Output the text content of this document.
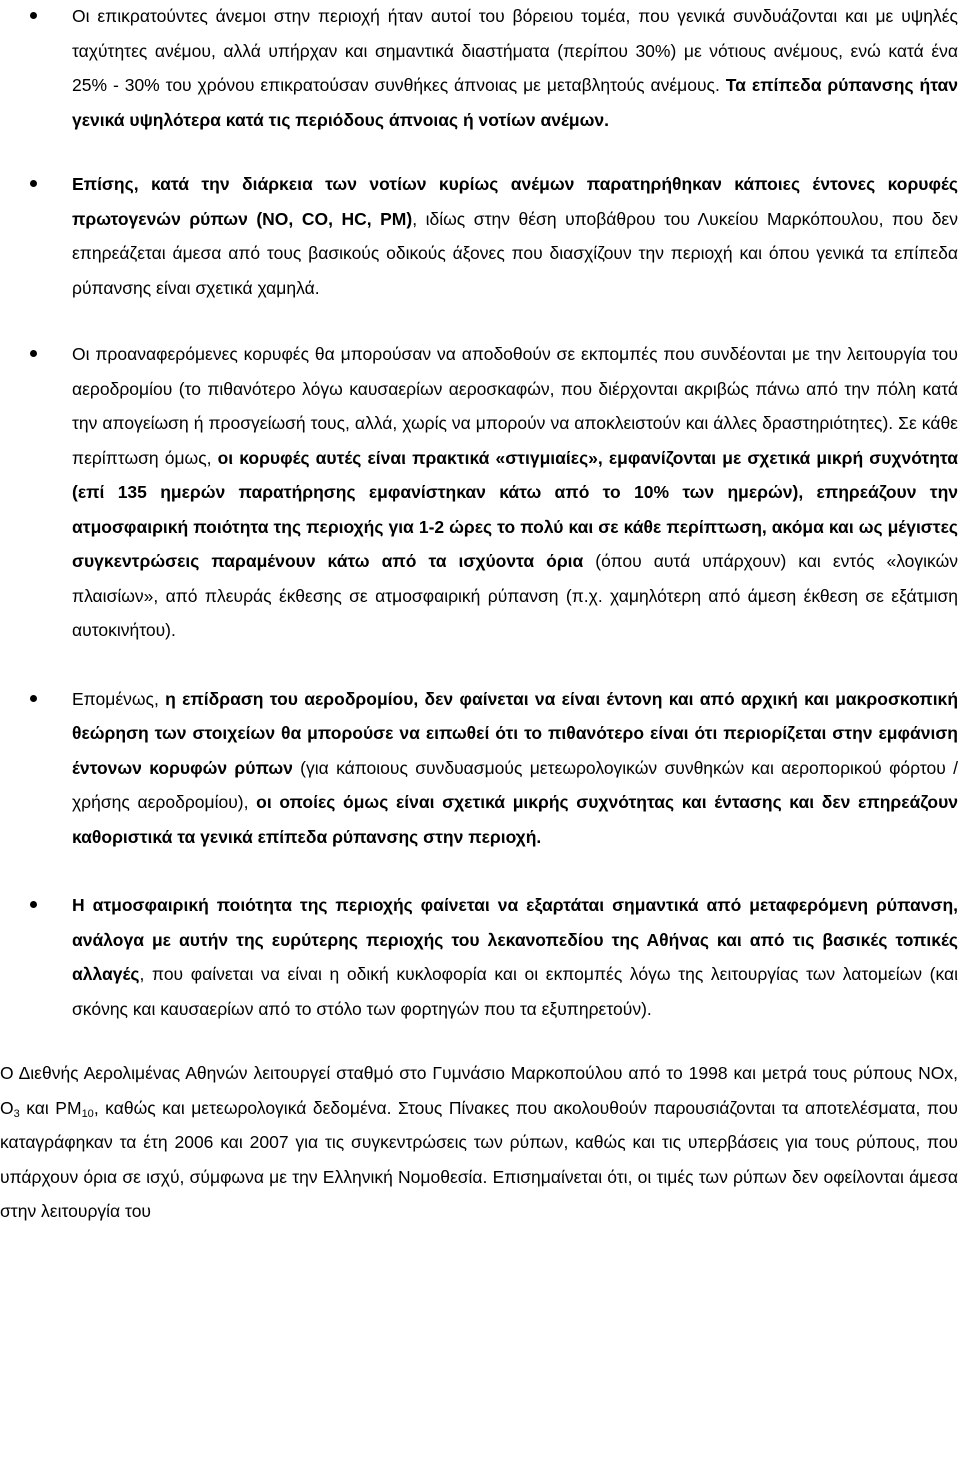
Οι επικρατούντες άνεμοι στην περιοχή ήταν αυτοί του βόρειου τομέα, που γενικά συνδυάζονται και με υψηλές ταχύτητες ανέμου, αλλά υπήρχαν και σημαντικά διαστήματα (περίπου 30%) με νότιους ανέμους, ενώ κατά ένα 25% - 30% του χρόνου επικρατούσαν συνθήκες άπνοιας με μεταβλητούς ανέμους. Τα επίπεδα ρύπανσης ήταν γενικά υψηλότερα κατά τις περιόδους άπνοιας ή νοτίων ανέμων.

Επίσης, κατά την διάρκεια των νοτίων κυρίως ανέμων παρατηρήθηκαν κάποιες έντονες κορυφές πρωτογενών ρύπων (NO, CO, HC, PM), ιδίως στην θέση υποβάθρου του Λυκείου Μαρκόπουλου, που δεν επηρεάζεται άμεσα από τους βασικούς οδικούς άξονες που διασχίζουν την περιοχή και όπου γενικά τα επίπεδα ρύπανσης είναι σχετικά χαμηλά.

Οι προαναφερόμενες κορυφές θα μπορούσαν να αποδοθούν σε εκπομπές που συνδέονται με την λειτουργία του αεροδρομίου (το πιθανότερο λόγω καυσαερίων αεροσκαφών, που διέρχονται ακριβώς πάνω από την πόλη κατά την απογείωση ή προσγείωσή τους, αλλά, χωρίς να μπορούν να αποκλειστούν και άλλες δραστηριότητες). Σε κάθε περίπτωση όμως, οι κορυφές αυτές είναι πρακτικά «στιγμιαίες», εμφανίζονται με σχετικά μικρή συχνότητα (επί 135 ημερών παρατήρησης εμφανίστηκαν κάτω από το 10% των ημερών), επηρεάζουν την ατμοσφαιρική ποιότητα της περιοχής για 1-2 ώρες το πολύ και σε κάθε περίπτωση, ακόμα και ως μέγιστες συγκεντρώσεις παραμένουν κάτω από τα ισχύοντα όρια (όπου αυτά υπάρχουν) και εντός «λογικών πλαισίων», από πλευράς έκθεσης σε ατμοσφαιρική ρύπανση (π.χ. χαμηλότερη από άμεση έκθεση σε εξάτμιση αυτοκινήτου).

Επομένως, η επίδραση του αεροδρομίου, δεν φαίνεται να είναι έντονη και από αρχική και μακροσκοπική θεώρηση των στοιχείων θα μπορούσε να ειπωθεί ότι το πιθανότερο είναι ότι περιορίζεται στην εμφάνιση έντονων κορυφών ρύπων (για κάποιους συνδυασμούς μετεωρολογικών συνθηκών και αεροπορικού φόρτου / χρήσης αεροδρομίου), οι οποίες όμως είναι σχετικά μικρής συχνότητας και έντασης και δεν επηρεάζουν καθοριστικά τα γενικά επίπεδα ρύπανσης στην περιοχή.

Η ατμοσφαιρική ποιότητα της περιοχής φαίνεται να εξαρτάται σημαντικά από μεταφερόμενη ρύπανση, ανάλογα με αυτήν της ευρύτερης περιοχής του λεκανοπεδίου της Αθήνας και από τις βασικές τοπικές αλλαγές, που φαίνεται να είναι η οδική κυκλοφορία και οι εκπομπές λόγω της λειτουργίας των λατομείων (και σκόνης και καυσαερίων από το στόλο των φορτηγών που τα εξυπηρετούν).

Ο Διεθνής Αερολιμένας Αθηνών λειτουργεί σταθμό στο Γυμνάσιο Μαρκοπούλου από το 1998 και μετρά τους ρύπους NOx, $O_3$ και $PM_{10}$, καθώς και μετεωρολογικά δεδομένα. Στους Πίνακες που ακολουθούν παρουσιάζονται τα αποτελέσματα, που καταγράφηκαν τα έτη 2006 και 2007 για τις συγκεντρώσεις των ρύπων, καθώς και τις υπερβάσεις για τους ρύπους, που υπάρχουν όρια σε ισχύ, σύμφωνα με την Ελληνική Νομοθεσία. Επισημαίνεται ότι, οι τιμές των ρύπων δεν οφείλονται άμεσα στην λειτουργία του
